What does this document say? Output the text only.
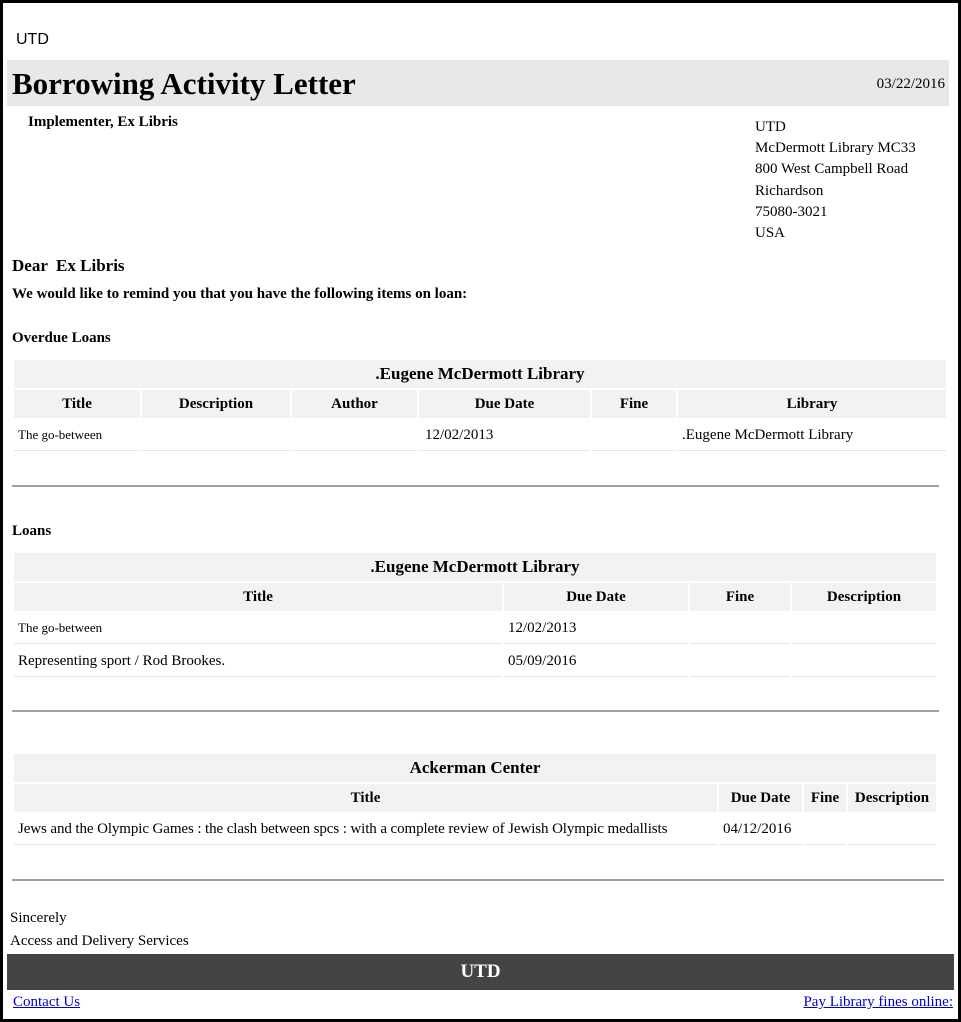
UTD
Borrowing Activity Letter	03/22/2016
Implementer, Ex Libris	UTD
McDermott Library MC33
800 West Campbell Road
Richardson
75080-3021
USA
Dear  Ex Libris
We would like to remind you that you have the following items on loan:
Overdue Loans
.Eugene McDermott Library					
Title	Description	Author	Due Date	Fine	Library
The go-between			12/02/2013		.Eugene McDermott Library
Loans
.Eugene McDermott Library			
Title	Due Date	Fine	Description
The go-between	12/02/2013		
Representing sport / Rod Brookes.	05/09/2016		
Ackerman Center			
Title	Due Date	Fine	Description
Jews and the Olympic Games : the clash between spcs : with a complete review of Jewish Olympic medallists	04/12/2016		
Sincerely
Access and Delivery Services
UTD
Contact Us	Pay Library fines online:
